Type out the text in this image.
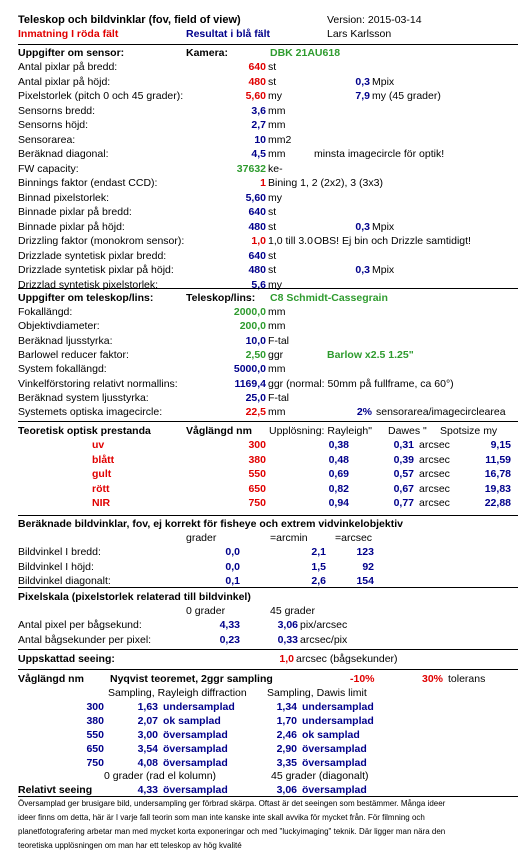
Teleskop och bildvinklar (fov, field of view)	Version: 2015-03-14
Inmatning I röda fält	Resultat i blå fält	Lars Karlsson
Uppgifter om sensor:	Kamera:	DBK 21AU618
Antal pixlar på bredd:	640 st
Antal pixlar på höjd:	480 st	0,3 Mpix
Pixelstorlek (pitch 0 och 45 grader):	5,60 my	7,9 my (45 grader)
Sensorns bredd:	3,6 mm
Sensorns höjd:	2,7 mm
Sensorarea:	10 mm2
Beräknad diagonal:	4,5 mm	minsta imagecircle för optik!
FW capacity:	37632 ke-
Binnings faktor (endast CCD):	1 Bining 1, 2 (2x2), 3 (3x3)
Binnad pixelstorlek:	5,60 my
Binnade pixlar på bredd:	640 st
Binnade pixlar på höjd:	480 st	0,3 Mpix
Drizzling faktor (monokrom sensor):	1,0 1,0 till 3.0 OBS! Ej bin och Drizzle samtidigt!
Drizzlade syntetisk pixlar bredd:	640 st
Drizzlade syntetisk pixlar på höjd:	480 st	0,3 Mpix
Drizzlad syntetisk pixelstorlek:	5,6 my
Uppgifter om teleskop/lins:	Teleskop/lins: C8 Schmidt-Cassegrain
Fokallängd:	2000,0 mm
Objektivdiameter:	200,0 mm
Beräknad ljusstyrka:	10,0 F-tal
Barlowel reducer faktor:	2,50 ggr	Barlow x2.5 1.25"
System fokallängd:	5000,0 mm
Vinkelförstoring relativt normallins:	1169,4 ggr (normal: 50mm på fullframe, ca 60°)
Beräknad system ljusstyrka:	25,0 F-tal
Systemets optiska imagecircle:	22,5 mm	2% sensorarea/imagecirclearea
Teoretisk optisk prestanda	Våglängd nm Upplösning: Rayleigh" Dawes " Spotsize my
uv	300	0,38	0,31 arcsec	9,15
blått	380	0,48	0,39 arcsec	11,59
gult	550	0,69	0,57 arcsec	16,78
rött	650	0,82	0,67 arcsec	19,83
NIR	750	0,94	0,77 arcsec	22,88
Beräknade bildvinklar, fov, ej korrekt för fisheye och extrem vidvinkelobjektiv
grader	=arcmin	=arcsec
Bildvinkel I bredd:	0,0	2,1	123
Bildvinkel I höjd:	0,0	1,5	92
Bildvinkel diagonalt:	0,1	2,6	154
Pixelskala (pixelstorlek relaterad till bildvinkel)
0 grader	45 grader
Antal pixel per bågsekund:	4,33	3,06 pix/arcsec
Antal bågsekunder per pixel:	0,23	0,33 arcsec/pix
Uppskattad seeing:	1,0 arcsec (bågsekunder)
Våglängd nm Nyqvist teoremet, 2ggr sampling	-10%	30% tolerans
Sampling, Rayleigh diffraction Sampling, Dawis limit
300	1,63 undersamplad	1,34 undersamplad
380	2,07 ok samplad	1,70 undersamplad
550	3,00 översamplad	2,46 ok samplad
650	3,54 översamplad	2,90 översamplad
750	4,08 översamplad	3,35 översamplad
0 grader (rad el kolumn)	45 grader (diagonalt)
Relativt seeing	4,33 översamplad	3,06 översamplad
Översamplad ger brusigare bild, undersampling ger förbrad skärpa. Oftast är det seeingen som bestämmer. Många ideer
ideer finns om detta, här är I varje fall teorin som man inte kanske inte skall avvika för mycket från. För filmning och
planetfotografering arbetar man med mycket korta exponeringar och med "luckyimaging" teknik. Där ligger man nära den
teoretiska upplösningen om man har ett teleskop av hög kvalité
